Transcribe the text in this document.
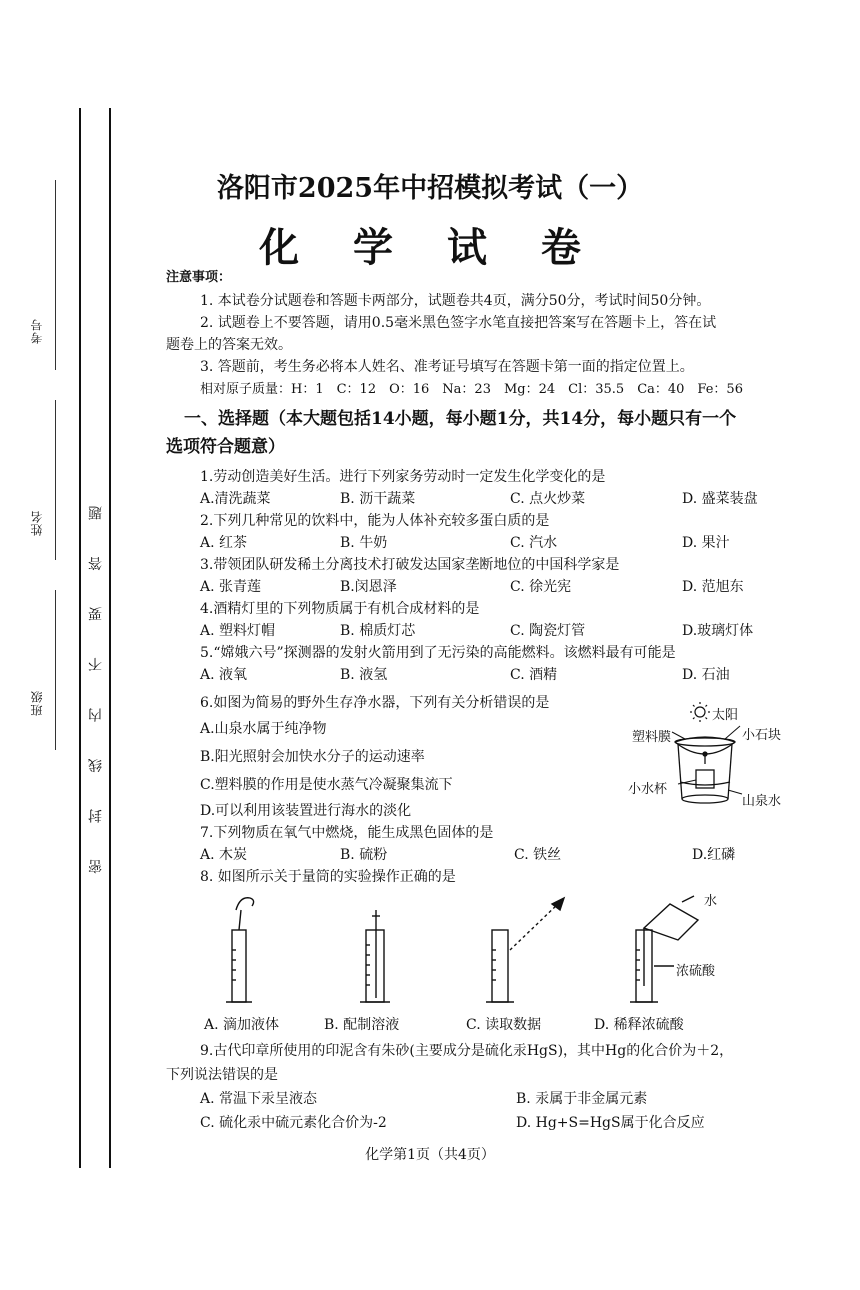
考号
姓名
班级	密 封 线 内 不 要 答 题
洛阳市2025年中招模拟考试（一）
化 学 试 卷
注意事项：
1. 本试卷分试题卷和答题卡两部分，试题卷共4页，满分50分，考试时间50分钟。
2. 试题卷上不要答题，请用0.5毫米黑色签字水笔直接把答案写在答题卡上，答在试
题卷上的答案无效。
3. 答题前，考生务必将本人姓名、准考证号填写在答题卡第一面的指定位置上。
相对原子质量：H：1　C：12　O：16　Na：23　Mg：24　Cl：35.5　Ca：40　Fe：56
一、选择题（本大题包括14小题，每小题1分，共14分，每小题只有一个
选项符合题意）
1.劳动创造美好生活。进行下列家务劳动时一定发生化学变化的是
A.清洗蔬菜	B. 沥干蔬菜	C. 点火炒菜	D. 盛菜装盘
2.下列几种常见的饮料中，能为人体补充较多蛋白质的是
A. 红茶	B. 牛奶	C. 汽水	D. 果汁
3.带领团队研发稀土分离技术打破发达国家垄断地位的中国科学家是
A. 张青莲	B.闵恩泽	C. 徐光宪	D. 范旭东
4.酒精灯里的下列物质属于有机合成材料的是
A. 塑料灯帽	B. 棉质灯芯	C. 陶瓷灯管	D.玻璃灯体
5.“嫦娥六号”探测器的发射火箭用到了无污染的高能燃料。该燃料最有可能是
A. 液氧	B. 液氢	C. 酒精	D. 石油
6.如图为简易的野外生存净水器，下列有关分析错误的是
A.山泉水属于纯净物
B.阳光照射会加快水分子的运动速率
C.塑料膜的作用是使水蒸气冷凝聚集流下
D.可以利用该装置进行海水的淡化
太阳
塑料膜	小石块
小水杯
山泉水
7.下列物质在氧气中燃烧，能生成黑色固体的是
A. 木炭	B. 硫粉	C. 铁丝	D.红磷
8. 如图所示关于量筒的实验操作正确的是
水
浓硫酸
A. 滴加液体	B. 配制溶液	C. 读取数据	D. 稀释浓硫酸
9.古代印章所使用的印泥含有朱砂(主要成分是硫化汞HgS)，其中Hg的化合价为＋2，
下列说法错误的是
A. 常温下汞呈液态	B. 汞属于非金属元素
C. 硫化汞中硫元素化合价为-2	D. Hg+S=HgS属于化合反应
化学第1页（共4页）
